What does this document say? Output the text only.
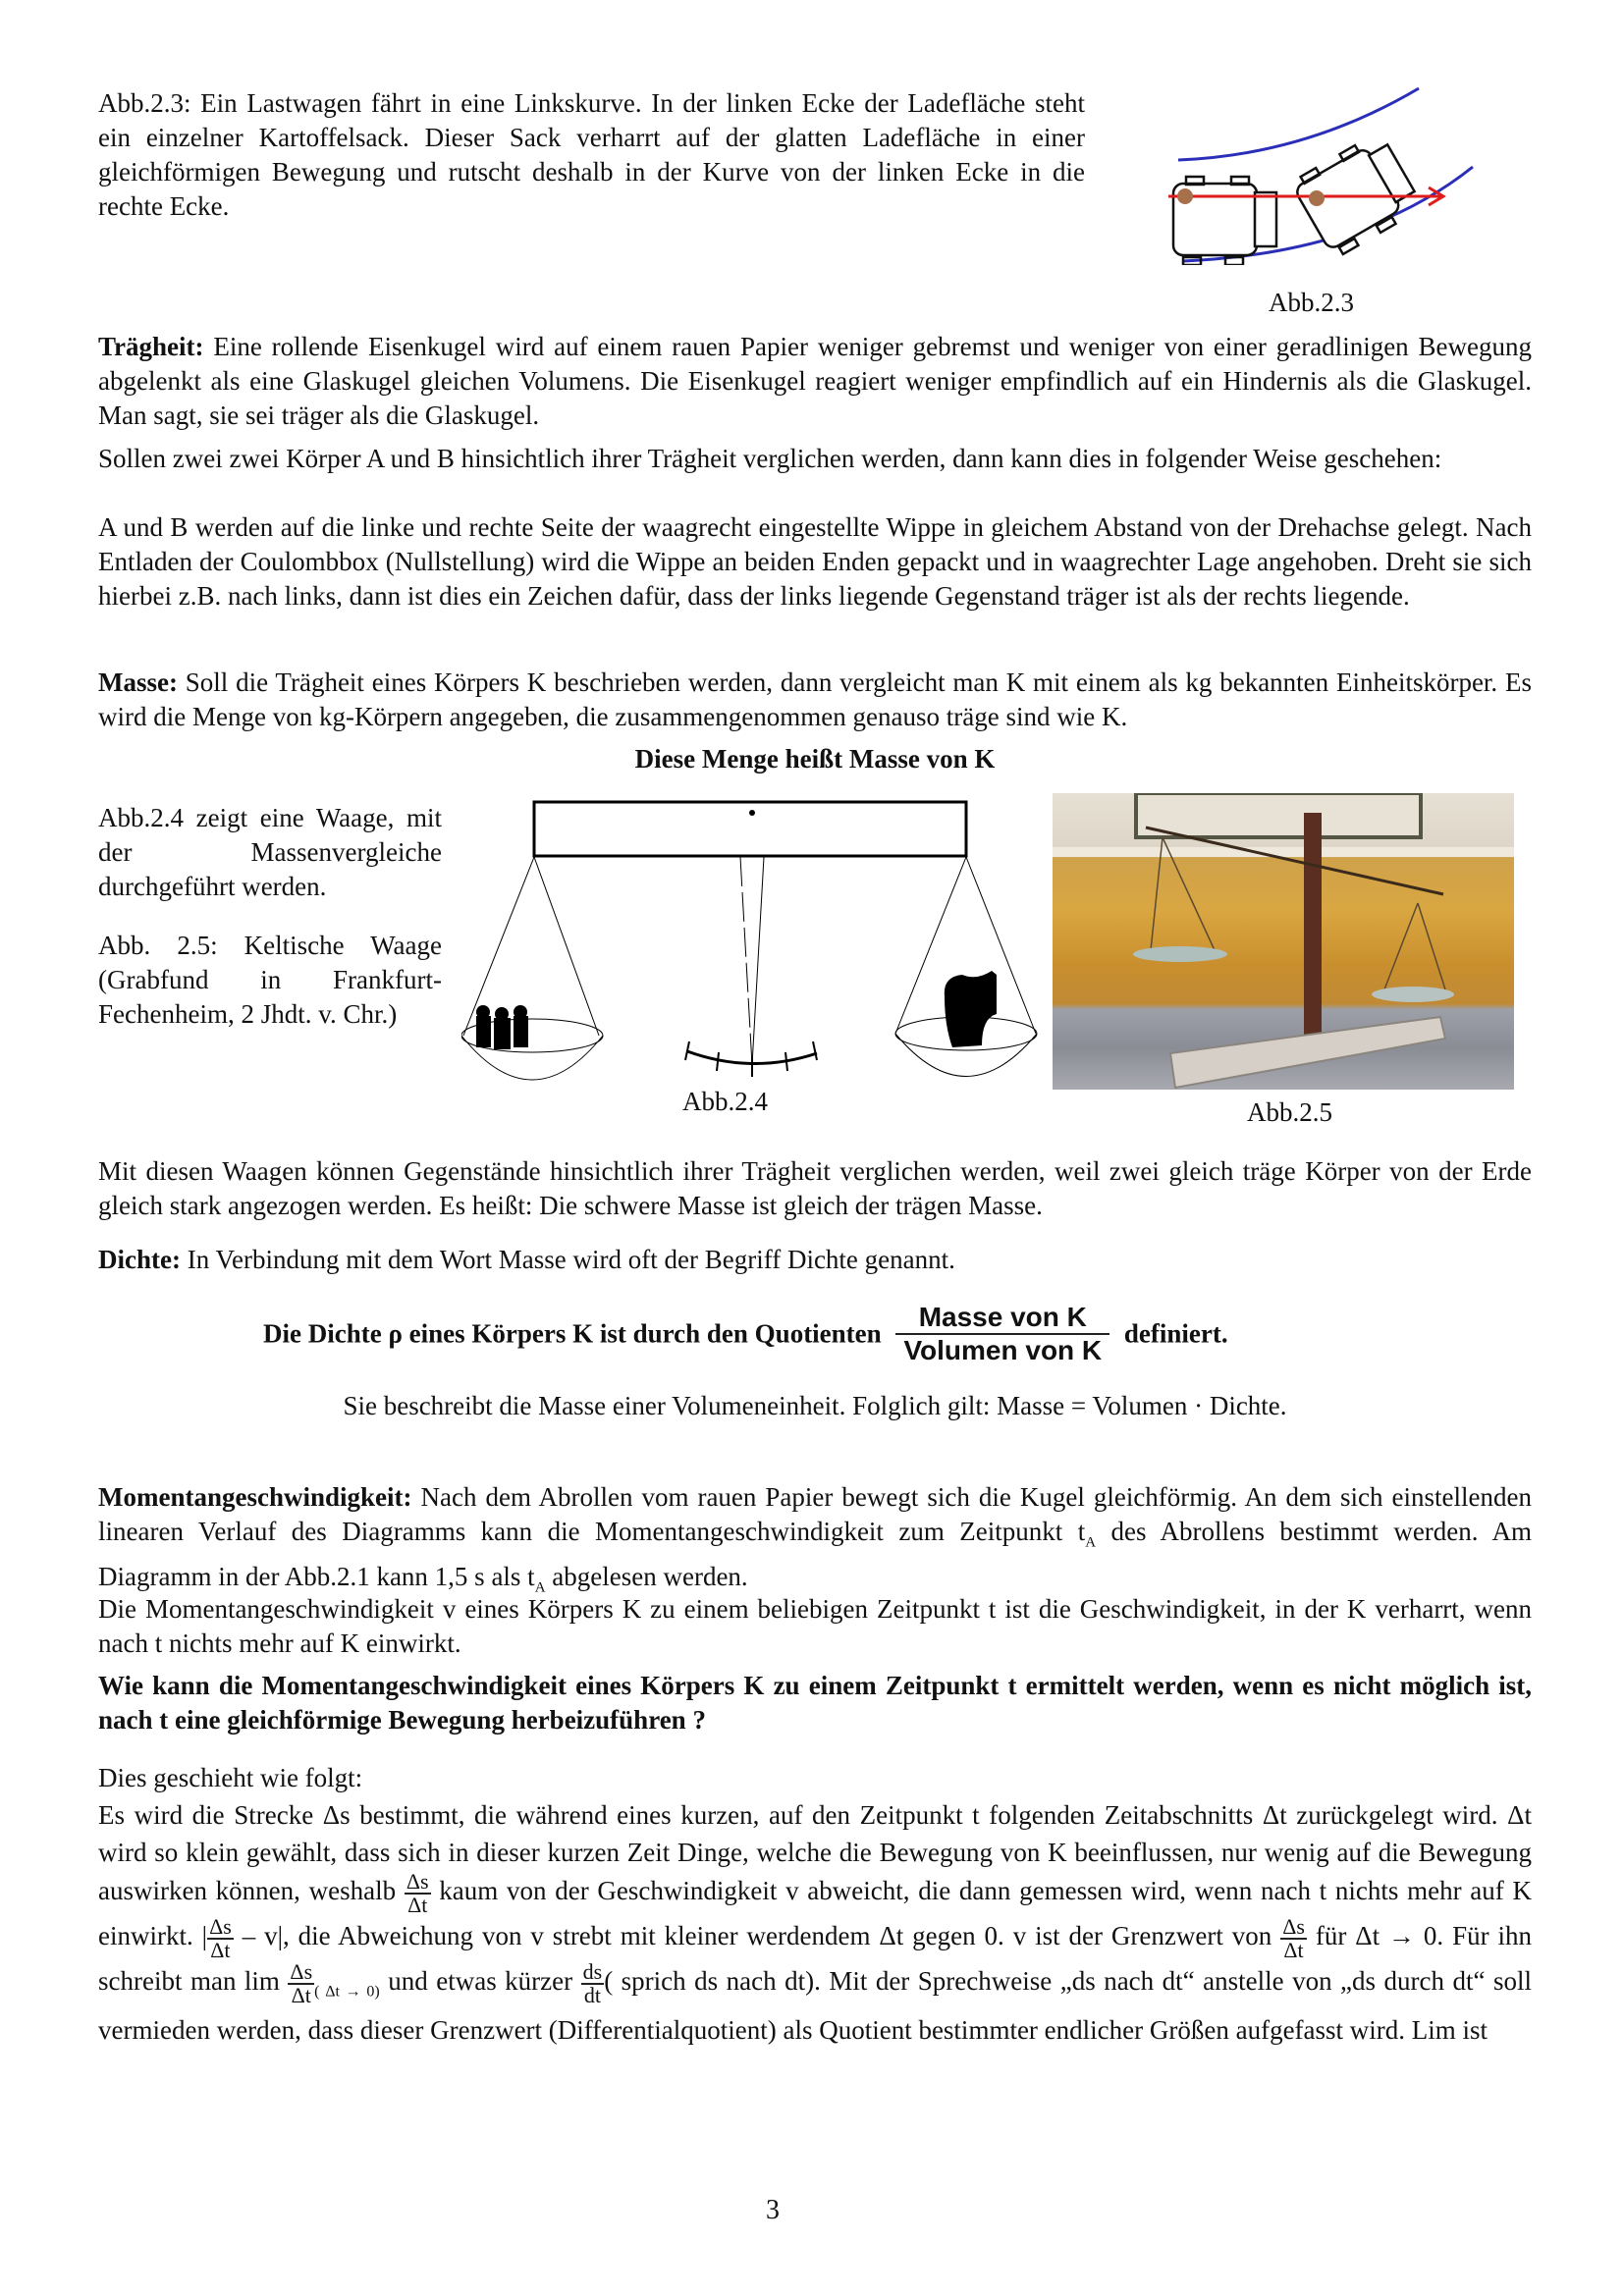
Abb.2.3: Ein Lastwagen fährt in eine Linkskurve. In der linken Ecke der Ladefläche steht ein einzelner Kartoffelsack. Dieser Sack verharrt auf der glatten Ladefläche in einer gleichförmigen Bewegung und rutscht deshalb in der Kurve von der linken Ecke in die rechte Ecke.

Abb.2.3

Trägheit: Eine rollende Eisenkugel wird auf einem rauen Papier weniger gebremst und weniger von einer geradlinigen Bewegung abgelenkt als eine Glaskugel gleichen Volumens. Die Eisenkugel reagiert weniger empfindlich auf ein Hindernis als die Glaskugel. Man sagt, sie sei träger als die Glaskugel.

Sollen zwei zwei Körper A und B hinsichtlich ihrer Trägheit verglichen werden, dann kann dies in folgender Weise geschehen:

A und B werden auf die linke und rechte Seite der waagrecht eingestellte Wippe in gleichem Abstand von der Drehachse gelegt. Nach Entladen der Coulombbox (Nullstellung) wird die Wippe an beiden Enden gepackt und in waagrechter Lage angehoben. Dreht sie sich hierbei z.B. nach links, dann ist dies ein Zeichen dafür, dass der links liegende Gegenstand träger ist als der rechts liegende.

Masse: Soll die Trägheit eines Körpers K beschrieben werden, dann vergleicht man K mit einem als kg bekannten Einheitskörper. Es wird die Menge von kg-Körpern angegeben, die zusammengenommen genauso träge sind wie K.

Diese Menge heißt Masse von K

Abb.2.4 zeigt eine Waage, mit der Massenvergleiche durchgeführt werden.

Abb. 2.5: Keltische Waage (Grabfund in Frankfurt-Fechenheim, 2 Jhdt. v. Chr.)

Abb.2.4	Abb.2.5

Mit diesen Waagen können Gegenstände hinsichtlich ihrer Trägheit verglichen werden, weil zwei gleich träge Körper von der Erde gleich stark angezogen werden. Es heißt: Die schwere Masse ist gleich der trägen Masse.

Dichte: In Verbindung mit dem Wort Masse wird oft der Begriff Dichte genannt.

Die Dichte ρ eines Körpers K ist durch den Quotienten $\frac{\text{Masse von K}}{\text{Volumen von K}}$ definiert.
Sie beschreibt die Masse einer Volumeneinheit. Folglich gilt: Masse = Volumen · Dichte.

Momentangeschwindigkeit: Nach dem Abrollen vom rauen Papier bewegt sich die Kugel gleichförmig. An dem sich einstellenden linearen Verlauf des Diagramms kann die Momentangeschwindigkeit zum Zeitpunkt $t_A$ des Abrollens bestimmt werden. Am Diagramm in der Abb.2.1 kann 1,5 s als $t_A$ abgelesen werden.

Die Momentangeschwindigkeit v eines Körpers K zu einem beliebigen Zeitpunkt t ist die Geschwindigkeit, in der K verharrt, wenn nach t nichts mehr auf K einwirkt.

Wie kann die Momentangeschwindigkeit eines Körpers K zu einem Zeitpunkt t ermittelt werden, wenn es nicht möglich ist, nach t eine gleichförmige Bewegung herbeizuführen ?

Dies geschieht wie folgt:

Es wird die Strecke Δs bestimmt, die während eines kurzen, auf den Zeitpunkt t folgenden Zeitabschnitts Δt zurückgelegt wird. Δt wird so klein gewählt, dass sich in dieser kurzen Zeit Dinge, welche die Bewegung von K beeinflussen, nur wenig auf die Bewegung auswirken können, weshalb $\frac{\Delta s}{\Delta t}$ kaum von der Geschwindigkeit v abweicht, die dann gemessen wird, wenn nach t nichts mehr auf K einwirkt. | $\frac{\Delta s}{\Delta t} - v|$, die Abweichung von v strebt mit kleiner werdendem Δt gegen 0. v ist der Grenzwert von $\frac{\Delta s}{\Delta t}$ für Δt → 0. Für ihn schreibt man $\lim \frac{\Delta s}{\Delta t} _{( \Delta t \to 0)}$ und etwas kürzer $\frac{ds}{dt}$ ( sprich ds nach dt). Mit der Sprechweise „ds nach dt“ anstelle von „ds durch dt“ soll vermieden werden, dass dieser Grenzwert (Differentialquotient) als Quotient bestimmter endlicher Größen aufgefasst wird. Lim ist

3
